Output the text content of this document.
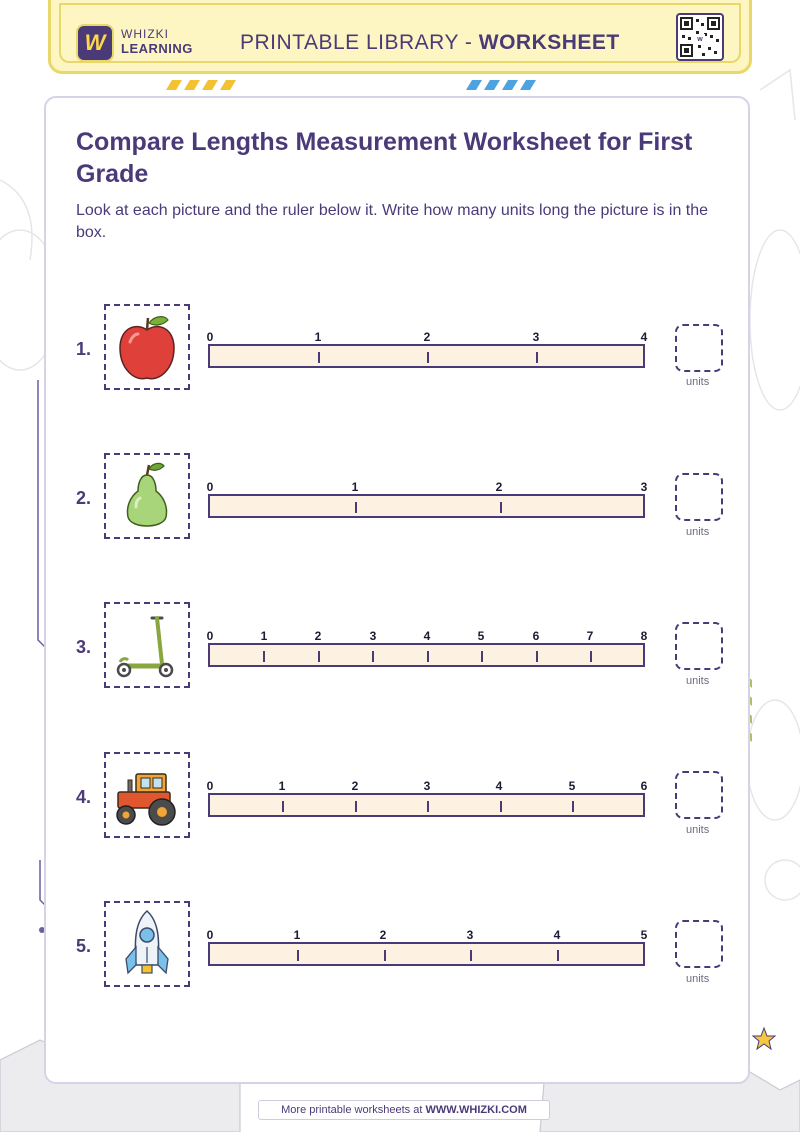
W	WHIZKI
LEARNING PRINTABLE LIBRARY - WORKSHEET	w
Compare Lengths Measurement Worksheet for First Grade
Look at each picture and the ruler below it. Write how many units long the picture is in the box.
1.
0	1	2	3	4
units
2.
0	1	2	3
units
3.
0	1	2	3	4	5	6	7	8
units
4.
0	1	2	3	4	5	6
units
5.
0	1	2	3	4	5
units
More printable worksheets at WWW.WHIZKI.COM
